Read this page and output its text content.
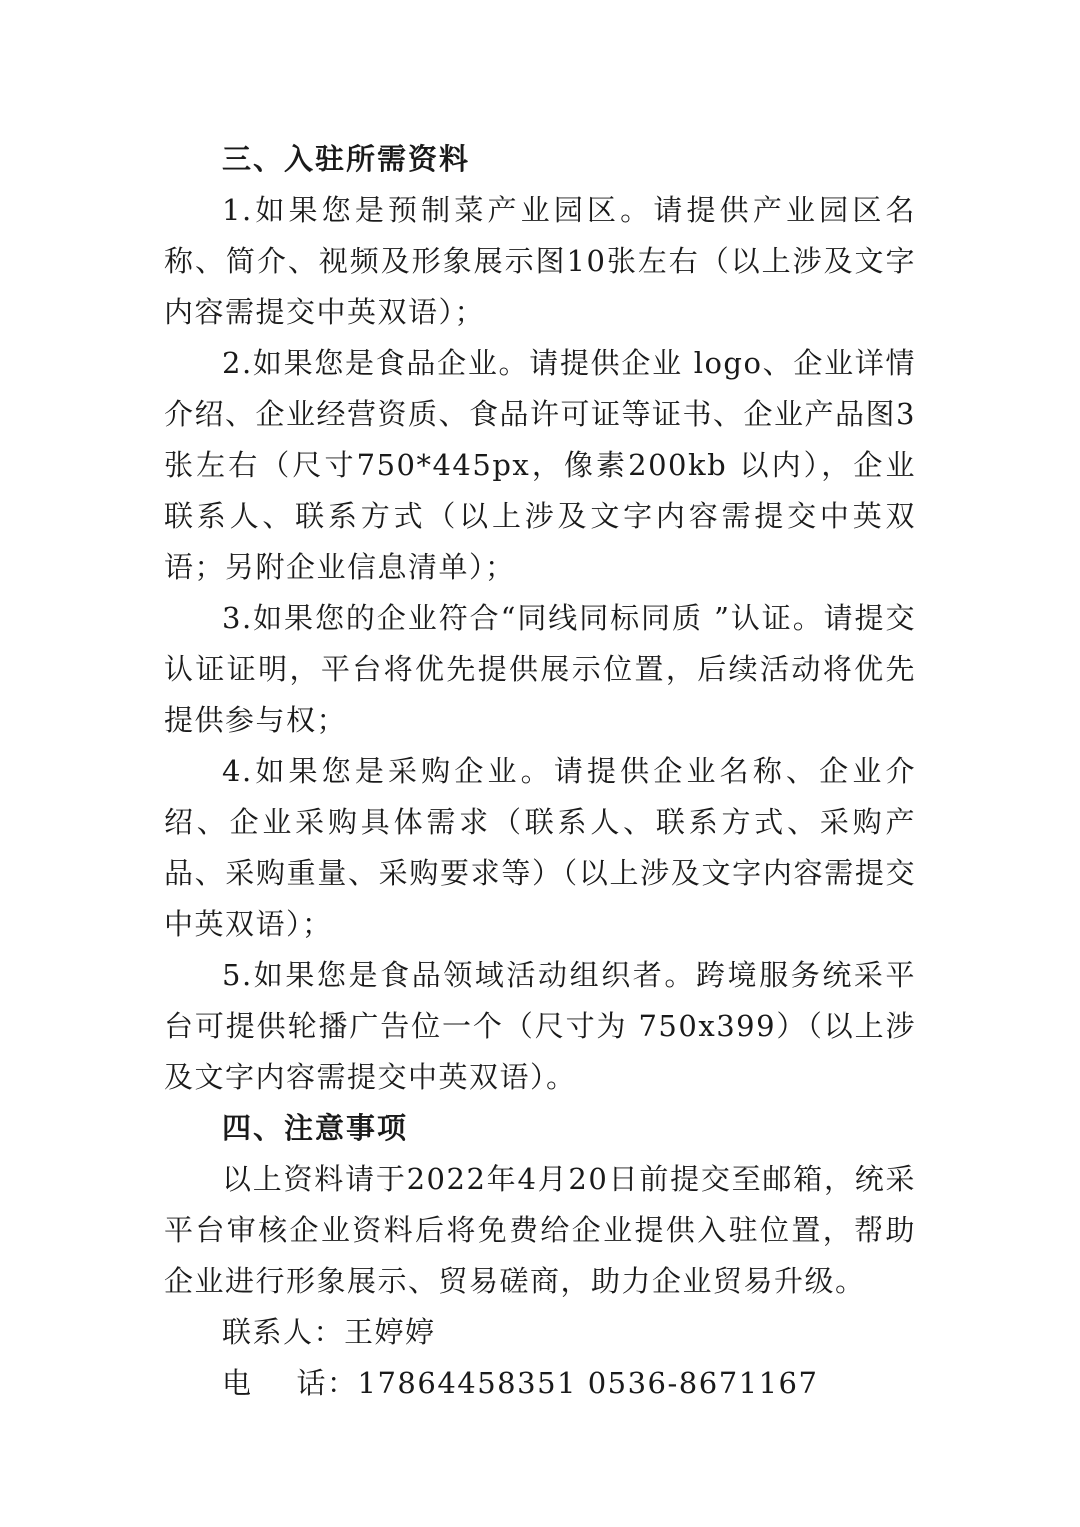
三、入驻所需资料

1.如果您是预制菜产业园区。请提供产业园区名称、简介、视频及形象展示图10张左右（以上涉及文字内容需提交中英双语）；

2.如果您是食品企业。请提供企业 logo、企业详情介绍、企业经营资质、食品许可证等证书、企业产品图3张左右（尺寸750*445px，像素200kb 以内），企业联系人、联系方式（以上涉及文字内容需提交中英双语；另附企业信息清单）；

3.如果您的企业符合“同线同标同质 ”认证。请提交认证证明，平台将优先提供展示位置，后续活动将优先提供参与权；

4.如果您是采购企业。请提供企业名称、企业介绍、企业采购具体需求（联系人、联系方式、采购产品、采购重量、采购要求等）（以上涉及文字内容需提交中英双语）；

5.如果您是食品领域活动组织者。跨境服务统采平台可提供轮播广告位一个（尺寸为 750x399）（以上涉及文字内容需提交中英双语）。

四、注意事项

以上资料请于2022年4月20日前提交至邮箱，统采平台审核企业资料后将免费给企业提供入驻位置，帮助企业进行形象展示、贸易磋商，助力企业贸易升级。

联系人：王婷婷

电 话：17864458351 0536-8671167
